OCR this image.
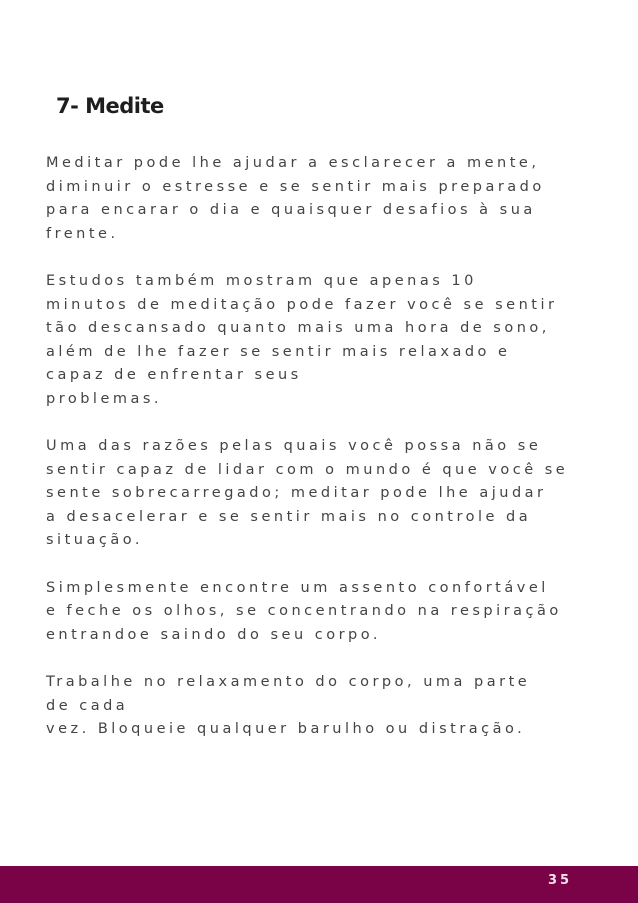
7- Medite

Meditar pode lhe ajudar a esclarecer a mente,
diminuir o estresse e se sentir mais preparado
para encarar o dia e quaisquer desafios à sua
frente.

Estudos também mostram que apenas 10
minutos de meditação pode fazer você se sentir
tão descansado quanto mais uma hora de sono,
além de lhe fazer se sentir mais relaxado e
capaz de enfrentar seus
problemas.

Uma das razões pelas quais você possa não se
sentir capaz de lidar com o mundo é que você se
sente sobrecarregado; meditar pode lhe ajudar
a desacelerar e se sentir mais no controle da
situação.

Simplesmente encontre um assento confortável
e feche os olhos, se concentrando na respiração
entrandoe saindo do seu corpo.

Trabalhe no relaxamento do corpo, uma parte
de cada
vez. Bloqueie qualquer barulho ou distração.

35
